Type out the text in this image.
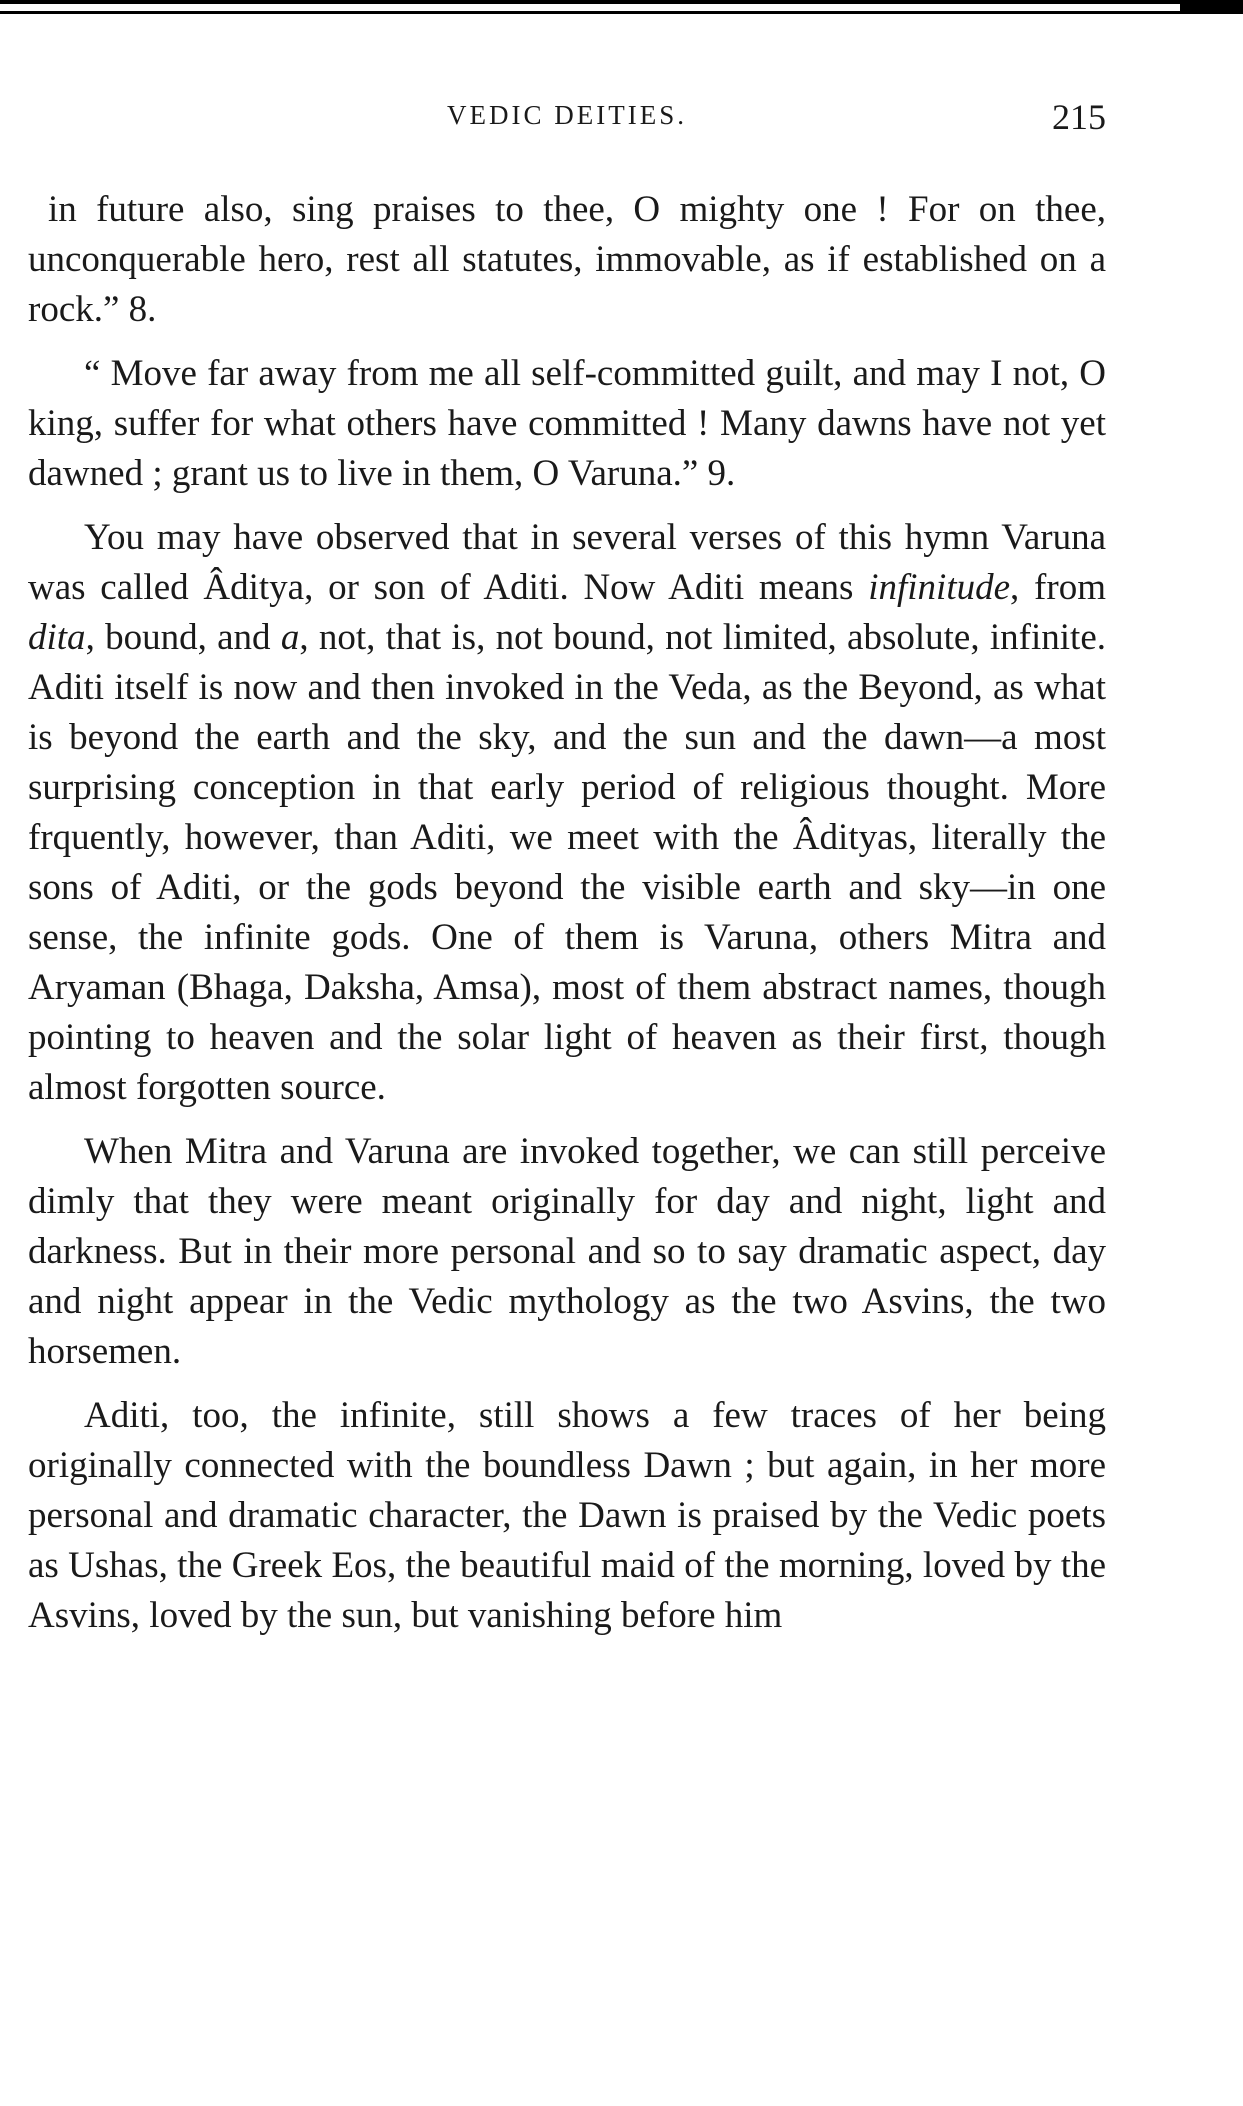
VEDIC DEITIES.	215

in future also, sing praises to thee, O mighty one ! For on thee, unconquerable hero, rest all statutes, immovable, as if established on a rock.” 8.

“ Move far away from me all self-committed guilt, and may I not, O king, suffer for what others have committed ! Many dawns have not yet dawned ; grant us to live in them, O Varuna.” 9.

You may have observed that in several verses of this hymn Varuna was called Âditya, or son of Aditi. Now Aditi means infinitude, from dita, bound, and a, not, that is, not bound, not limited, absolute, infinite. Aditi itself is now and then invoked in the Veda, as the Beyond, as what is beyond the earth and the sky, and the sun and the dawn—a most surprising conception in that early period of religious thought. More frquently, however, than Aditi, we meet with the Âdityas, literally the sons of Aditi, or the gods beyond the visible earth and sky—in one sense, the infinite gods. One of them is Varuna, others Mitra and Aryaman (Bhaga, Daksha, Amsa), most of them abstract names, though pointing to heaven and the solar light of heaven as their first, though almost forgotten source.

When Mitra and Varuna are invoked together, we can still perceive dimly that they were meant originally for day and night, light and darkness. But in their more personal and so to say dramatic aspect, day and night appear in the Vedic mythology as the two Asvins, the two horsemen.

Aditi, too, the infinite, still shows a few traces of her being originally connected with the boundless Dawn ; but again, in her more personal and dramatic character, the Dawn is praised by the Vedic poets as Ushas, the Greek Eos, the beautiful maid of the morning, loved by the Asvins, loved by the sun, but vanishing before him
